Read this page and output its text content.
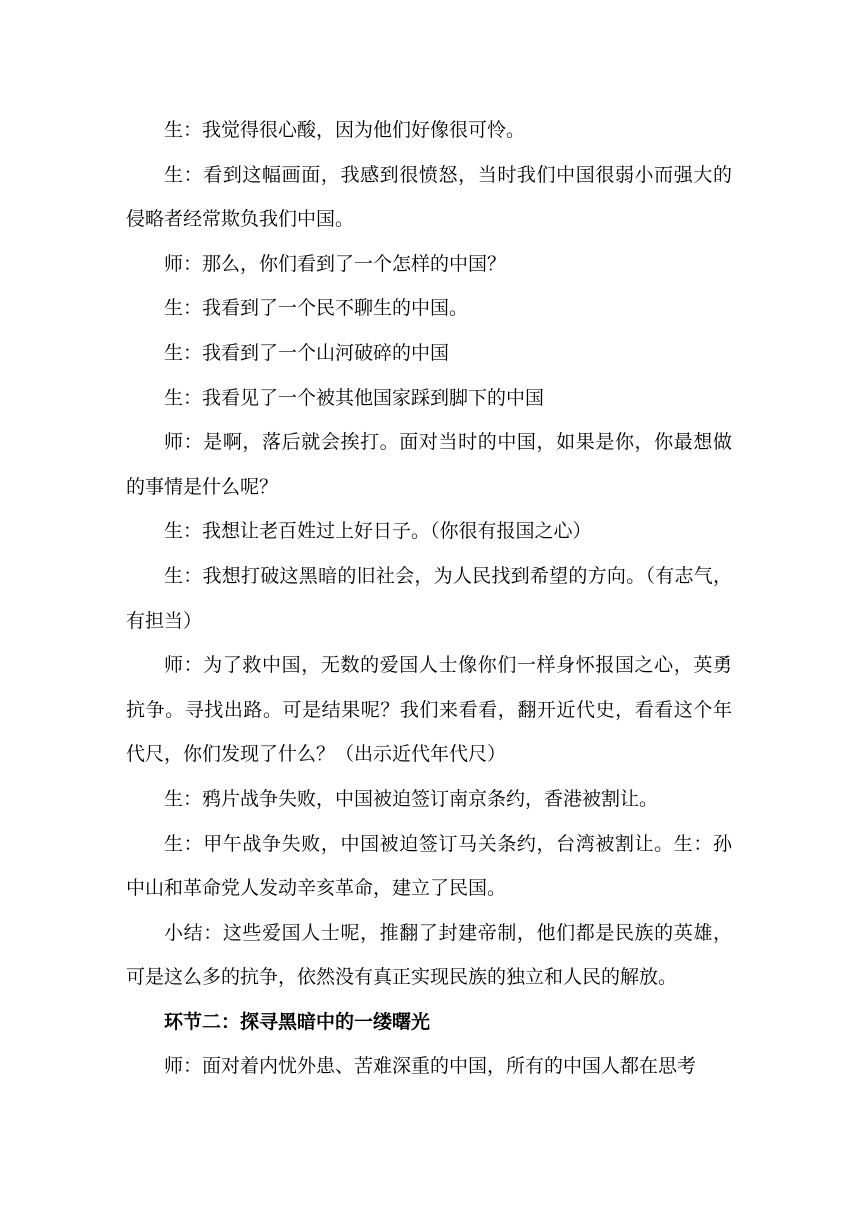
生：我觉得很心酸，因为他们好像很可怜。

生：看到这幅画面，我感到很愤怒，当时我们中国很弱小而强大的侵略者经常欺负我们中国。

师：那么，你们看到了一个怎样的中国？

生：我看到了一个民不聊生的中国。

生：我看到了一个山河破碎的中国

生：我看见了一个被其他国家踩到脚下的中国

师：是啊，落后就会挨打。面对当时的中国，如果是你，你最想做的事情是什么呢？

生：我想让老百姓过上好日子。（你很有报国之心）

生：我想打破这黑暗的旧社会，为人民找到希望的方向。（有志气，有担当）

师：为了救中国，无数的爱国人士像你们一样身怀报国之心，英勇抗争。寻找出路。可是结果呢？我们来看看，翻开近代史，看看这个年代尺，你们发现了什么？（出示近代年代尺）

生：鸦片战争失败，中国被迫签订南京条约，香港被割让。

生：甲午战争失败，中国被迫签订马关条约，台湾被割让。生：孙中山和革命党人发动辛亥革命，建立了民国。

小结：这些爱国人士呢，推翻了封建帝制，他们都是民族的英雄，可是这么多的抗争，依然没有真正实现民族的独立和人民的解放。

环节二：探寻黑暗中的一缕曙光

师：面对着内忧外患、苦难深重的中国，所有的中国人都在思考
